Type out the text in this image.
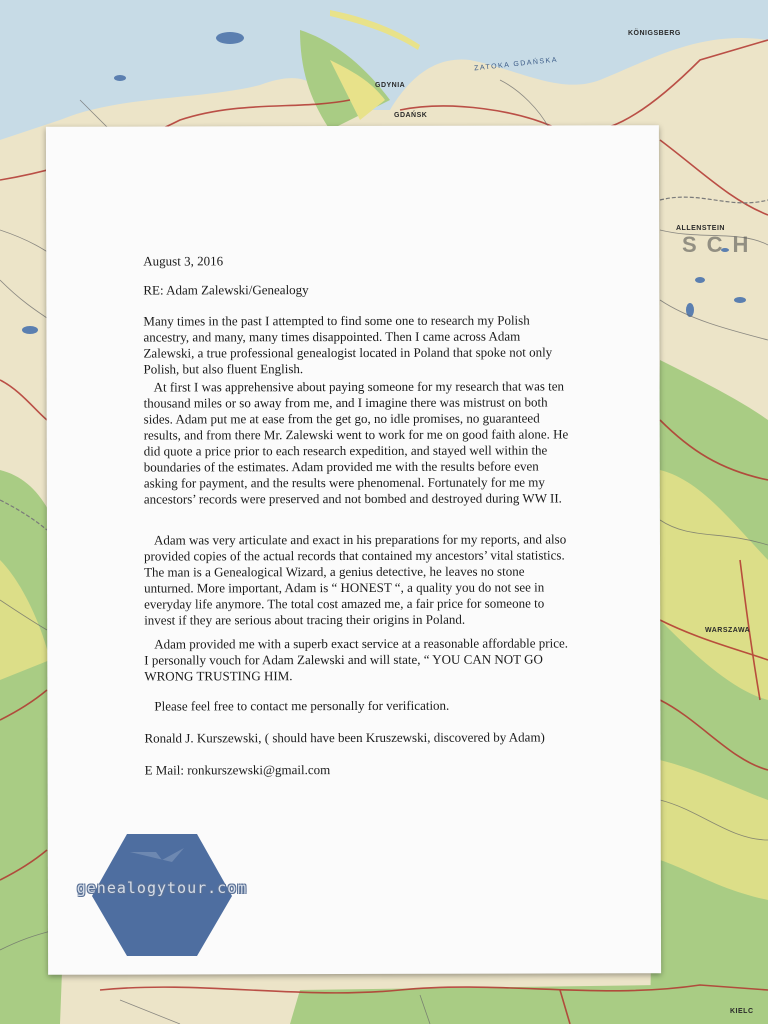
ZATOKA GDAŃSKA
GDYNIA
GDAŃSK
KÖNIGSBERG
ALLENSTEIN
WARSZAWA
SCH
KIELC
August 3, 2016
RE: Adam Zalewski/Genealogy
Many times in the past I attempted to find some one to research my Polish ancestry, and many, many times disappointed. Then I came across Adam Zalewski, a true professional genealogist located in Poland that spoke not only Polish, but also fluent English.
At first I was apprehensive about paying someone for my research that was ten thousand miles or so away from me, and I imagine there was mistrust on both sides. Adam put me at ease from the get go, no idle promises, no guaranteed results, and from there Mr. Zalewski went to work for me on good faith alone. He did quote a price prior to each research expedition, and stayed well within the boundaries of the estimates. Adam provided me with the results before even asking for payment, and the results were phenomenal. Fortunately for me my ancestors’ records were preserved and not bombed and destroyed during WW II.
Adam was very articulate and exact in his preparations for my reports, and also provided copies of the actual records that contained my ancestors’ vital statistics. The man is a Genealogical Wizard, a genius detective, he leaves no stone unturned. More important, Adam is “ HONEST “, a quality you do not see in everyday life anymore. The total cost amazed me, a fair price for someone to invest if they are serious about tracing their origins in Poland.
Adam provided me with a superb exact service at a reasonable affordable price. I personally vouch for Adam Zalewski and will state, “ YOU CAN NOT GO WRONG TRUSTING HIM.
Please feel free to contact me personally for verification.
Ronald J. Kurszewski, ( should have been Kruszewski, discovered by Adam)
E Mail: ronkurszewski@gmail.com
genealogytour.com
